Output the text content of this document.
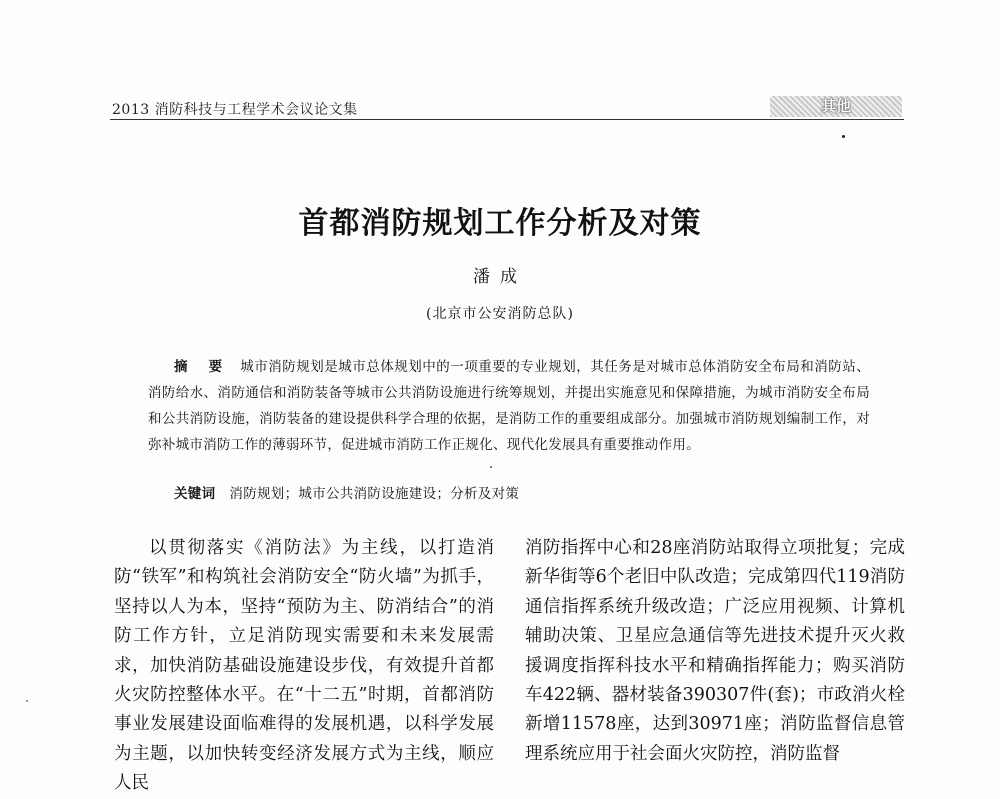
2013 消防科技与工程学术会议论文集	其他
首都消防规划工作分析及对策
潘成
(北京市公安消防总队)
摘 要 城市消防规划是城市总体规划中的一项重要的专业规划，其任务是对城市总体消防安全布局和消防站、消防给水、消防通信和消防装备等城市公共消防设施进行统筹规划，并提出实施意见和保障措施，为城市消防安全布局和公共消防设施，消防装备的建设提供科学合理的依据，是消防工作的重要组成部分。加强城市消防规划编制工作，对弥补城市消防工作的薄弱环节，促进城市消防工作正规化、现代化发展具有重要推动作用。
关键词 消防规划；城市公共消防设施建设；分析及对策

以贯彻落实《消防法》为主线，以打造消防“铁军”和构筑社会消防安全“防火墙”为抓手，坚持以人为本，坚持“预防为主、防消结合”的消防工作方针，立足消防现实需要和未来发展需求，加快消防基础设施建设步伐，有效提升首都火灾防控整体水平。在“十二五”时期，首都消防事业发展建设面临难得的发展机遇，以科学发展为主题，以加快转变经济发展方式为主线，顺应人民

消防指挥中心和28座消防站取得立项批复；完成新华街等6个老旧中队改造；完成第四代119消防通信指挥系统升级改造；广泛应用视频、计算机辅助决策、卫星应急通信等先进技术提升灭火救援调度指挥科技水平和精确指挥能力；购买消防车422辆、器材装备390307件(套)；市政消火栓新增11578座，达到30971座；消防监督信息管理系统应用于社会面火灾防控，消防监督
